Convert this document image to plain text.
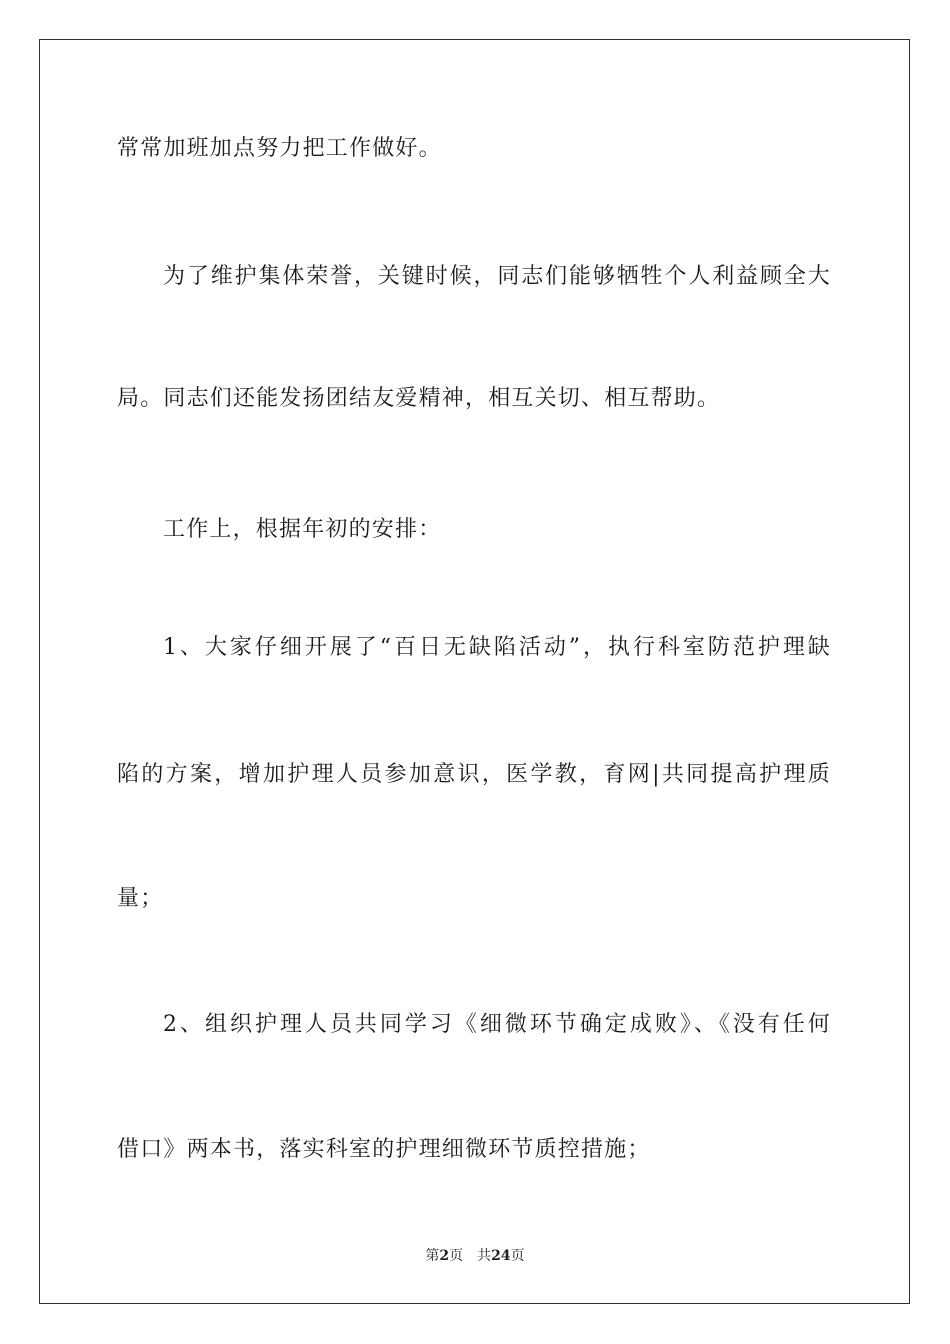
常常加班加点努力把工作做好。
为了维护集体荣誉，关键时候，同志们能够牺牲个人利益顾全大
局。同志们还能发扬团结友爱精神，相互关切、相互帮助。
工作上，根据年初的安排：
1、大家仔细开展了“百日无缺陷活动”，执行科室防范护理缺
陷的方案，增加护理人员参加意识，医学教，育网|共同提高护理质
量；
2、组织护理人员共同学习《细微环节确定成败》、《没有任何
借口》两本书，落实科室的护理细微环节质控措施；
第2页 共24页
